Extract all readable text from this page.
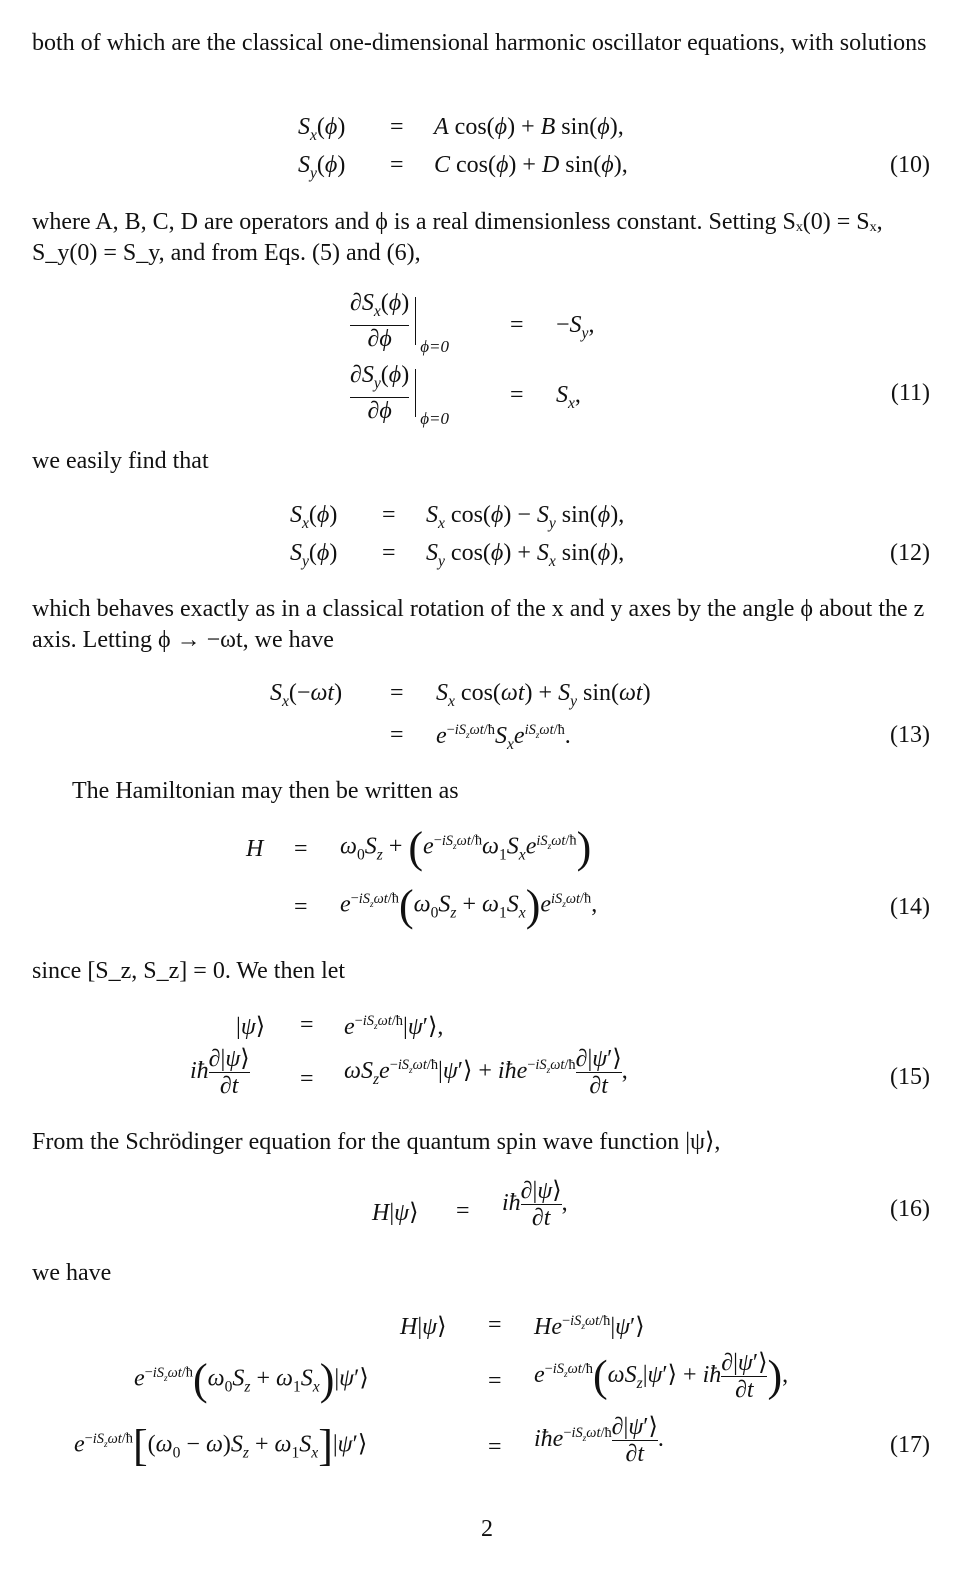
both of which are the classical one-dimensional harmonic oscillator equations, with solutions
$S_x(\phi) = A$ cos(ϕ) + B sin(ϕ),
$S_y(\phi) = C$ cos(ϕ) + D sin(ϕ),	(10)
where A, B, C, D are operators and ϕ is a real dimensionless constant. Setting Sₓ(0) = Sₓ, S_y(0) = S_y, and from Eqs. (5) and (6),
$\frac{\partial S_x(\phi)}{\partial\phi}$
ϕ=0
= $-S_y$,
$\frac{\partial S_y(\phi)}{\partial\phi}$
ϕ=0
= $S_x$,	(11)
we easily find that
$S_x(\phi) = S_x$ $\cos(\phi) - S_y$ sin(ϕ),
$S_y(\phi) = S_y$ $\cos(\phi) + S_x$ sin(ϕ),	(12)
which behaves exactly as in a classical rotation of the x and y axes by the angle ϕ about the z axis. Letting ϕ → −ωt, we have
$S_x(-\omega t) = S_x$ $\cos(\omega t) + S_y$ sin(ωt)
= $e^{-iS_z\omega t/ħ}S_xe^{iS_z\omega t/ħ}$.	(13)
The Hamiltonian may then be written as
$H = \omega_0S_z + (e^{-iS_z\omega t/ħ}\omega_1S_xe^{iS_z\omega t/ħ})$
= $e^{-iS_z\omega t/ħ}(\omega_0S_z + \omega_1S_x)e^{iS_z\omega t/ħ}$,	(14)
since [S_z, S_z] = 0. We then let
|ψ⟩ = $e^{-iS_z\omega t/ħ}|\psi'⟩$,
iħ $\frac{\partial|\psi⟩}{\partial t}$ = $\omega S_ze^{-iS_z\omega t/ħ}|\psi'⟩$ + iħe$^{-iS_z\omega t/ħ}$ $\frac{\partial|\psi'⟩}{\partial t}$ ,	(15)
From the Schrödinger equation for the quantum spin wave function |ψ⟩,
H|ψ⟩ = iħ $\frac{\partial|\psi⟩}{\partial t}$ ,	(16)
we have
H|ψ⟩ = $He^{-iS_z\omega t/ħ}|\psi'⟩$
$e^{-iS_z\omega t/ħ}(\omega_0S_z$ + $\omega_1S_x)|\psi'⟩$	= $e^{-iS_z\omega t/ħ}(\omega S_z|\psi'⟩$ + iħ $\frac{\partial|\psi'⟩}{\partial t}$ ),
$e^{-iS_z\omega t/ħ}[(\omega_0 - \omega)S_z$ + $\omega_1S_x]|\psi'⟩$	= iħe$^{-iS_z\omega t/ħ}$ $\frac{\partial|\psi'⟩}{\partial t}$ .	(17)
2
